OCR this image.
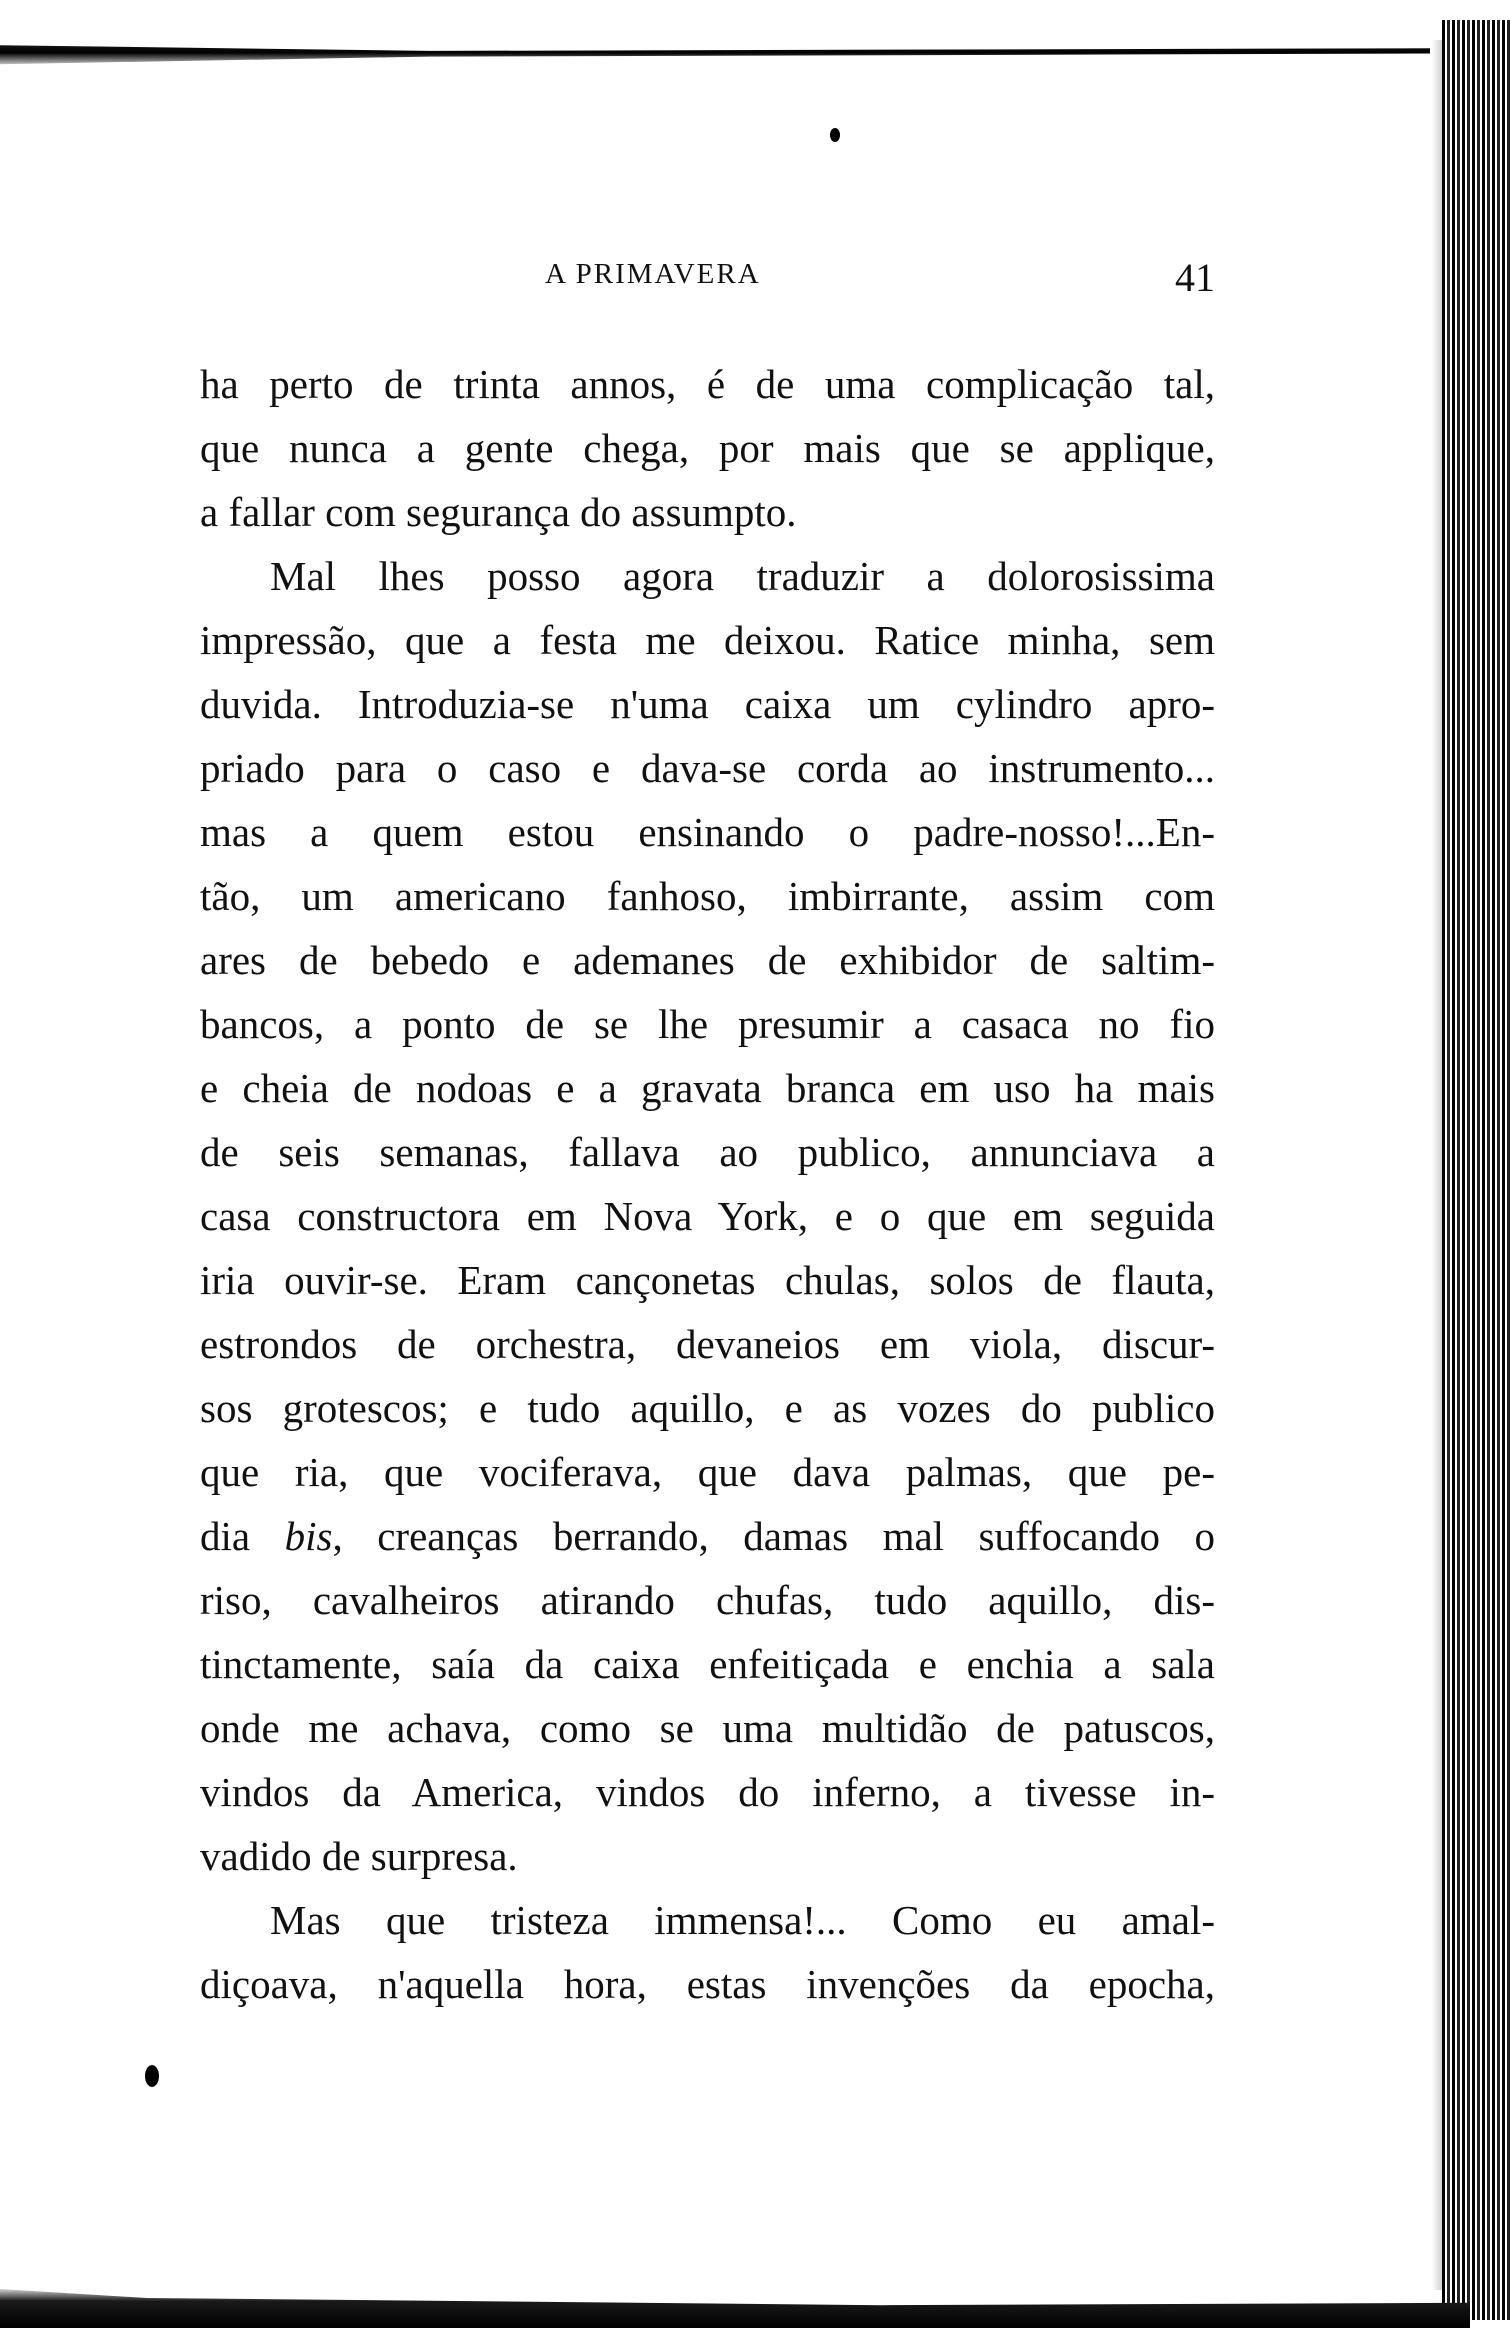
A PRIMAVERA	41
ha perto de trinta annos, é de uma complicação tal,
que nunca a gente chega, por mais que se applique,
a fallar com segurança do assumpto.
Mal lhes posso agora traduzir a dolorosissima
impressão, que a festa me deixou. Ratice minha, sem
duvida. Introduzia-se n'uma caixa um cylindro apro-
priado para o caso e dava-se corda ao instrumento...
mas a quem estou ensinando o padre-nosso!...En-
tão, um americano fanhoso, imbirrante, assim com
ares de bebedo e ademanes de exhibidor de saltim-
bancos, a ponto de se lhe presumir a casaca no fio
e cheia de nodoas e a gravata branca em uso ha mais
de seis semanas, fallava ao publico, annunciava a
casa constructora em Nova York, e o que em seguida
iria ouvir-se. Eram cançonetas chulas, solos de flauta,
estrondos de orchestra, devaneios em viola, discur-
sos grotescos; e tudo aquillo, e as vozes do publico
que ria, que vociferava, que dava palmas, que pe-
dia bis, creanças berrando, damas mal suffocando o
riso, cavalheiros atirando chufas, tudo aquillo, dis-
tinctamente, saía da caixa enfeitiçada e enchia a sala
onde me achava, como se uma multidão de patuscos,
vindos da America, vindos do inferno, a tivesse in-
vadido de surpresa.
Mas que tristeza immensa!... Como eu amal-
diçoava, n'aquella hora, estas invenções da epocha,
